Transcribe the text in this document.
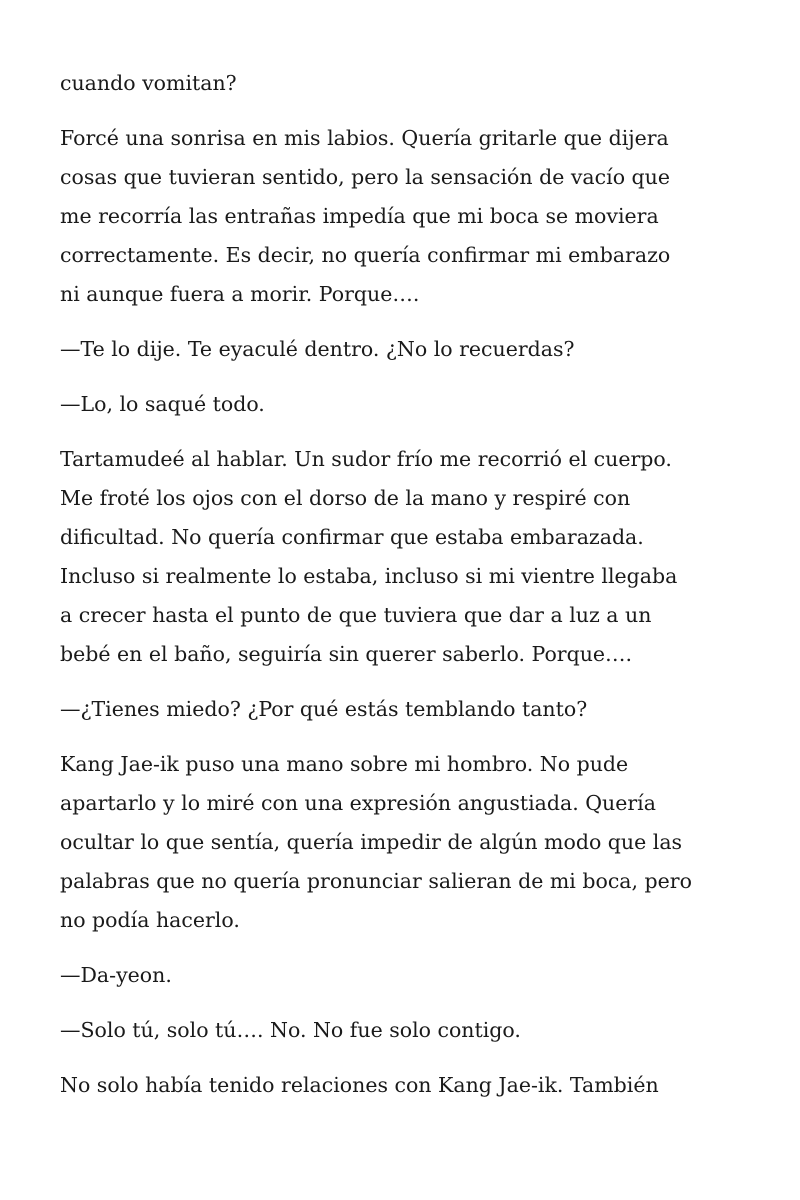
cuando vomitan?

Forcé una sonrisa en mis labios. Quería gritarle que dijera
cosas que tuvieran sentido, pero la sensación de vacío que
me recorría las entrañas impedía que mi boca se moviera
correctamente. Es decir, no quería confirmar mi embarazo
ni aunque fuera a morir. Porque….

—Te lo dije. Te eyaculé dentro. ¿No lo recuerdas?

—Lo, lo saqué todo.

Tartamudeé al hablar. Un sudor frío me recorrió el cuerpo.
Me froté los ojos con el dorso de la mano y respiré con
dificultad. No quería confirmar que estaba embarazada.
Incluso si realmente lo estaba, incluso si mi vientre llegaba
a crecer hasta el punto de que tuviera que dar a luz a un
bebé en el baño, seguiría sin querer saberlo. Porque….

—¿Tienes miedo? ¿Por qué estás temblando tanto?

Kang Jae-ik puso una mano sobre mi hombro. No pude
apartarlo y lo miré con una expresión angustiada. Quería
ocultar lo que sentía, quería impedir de algún modo que las
palabras que no quería pronunciar salieran de mi boca, pero
no podía hacerlo.

—Da-yeon.

—Solo tú, solo tú…. No. No fue solo contigo.

No solo había tenido relaciones con Kang Jae-ik. También
